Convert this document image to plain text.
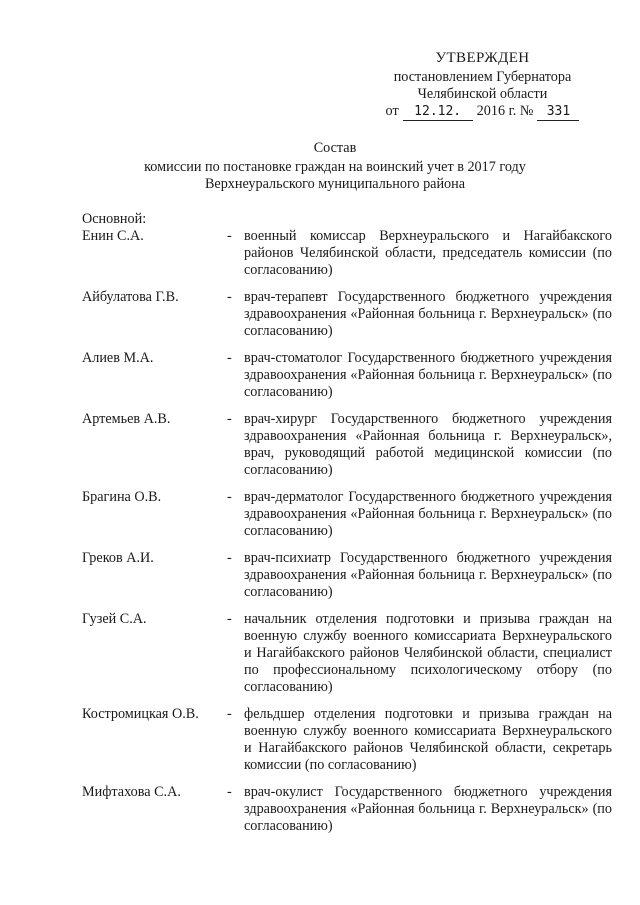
УТВЕРЖДЕН
постановлением Губернатора
Челябинской области
от	12.12.	2016 г. №	331
Состав
комиссии по постановке граждан на воинский учет в 2017 году
Верхнеуральского муниципального района
Основной:
Енин С.А.	- военный комиссар Верхнеуральского и Нагайбакского районов Челябинской области, председатель комиссии (по согласованию)
Айбулатова Г.В.	- врач-терапевт Государственного бюджетного учреждения здравоохранения «Районная больница г. Верхнеуральск» (по согласованию)
Алиев М.А.	- врач-стоматолог Государственного бюджетного учреждения здравоохранения «Районная больница г. Верхнеуральск» (по согласованию)
Артемьев А.В.	- врач-хирург Государственного бюджетного учреждения здравоохранения «Районная больница г. Верхнеуральск», врач, руководящий работой медицинской комиссии (по согласованию)
Брагина О.В.	- врач-дерматолог Государственного бюджетного учреждения здравоохранения «Районная больница г. Верхнеуральск» (по согласованию)
Греков А.И.	- врач-психиатр Государственного бюджетного учреждения здравоохранения «Районная больница г. Верхнеуральск» (по согласованию)
Гузей С.А.	- начальник отделения подготовки и призыва граждан на военную службу военного комиссариата Верхнеуральского и Нагайбакского районов Челябинской области, специалист по профессиональному психологическому отбору (по согласованию)
Костромицкая О.В.	- фельдшер отделения подготовки и призыва граждан на военную службу военного комиссариата Верхнеуральского и Нагайбакского районов Челябинской области, секретарь комиссии (по согласованию)
Мифтахова С.А.	- врач-окулист Государственного бюджетного учреждения здравоохранения «Районная больница г. Верхнеуральск» (по согласованию)
